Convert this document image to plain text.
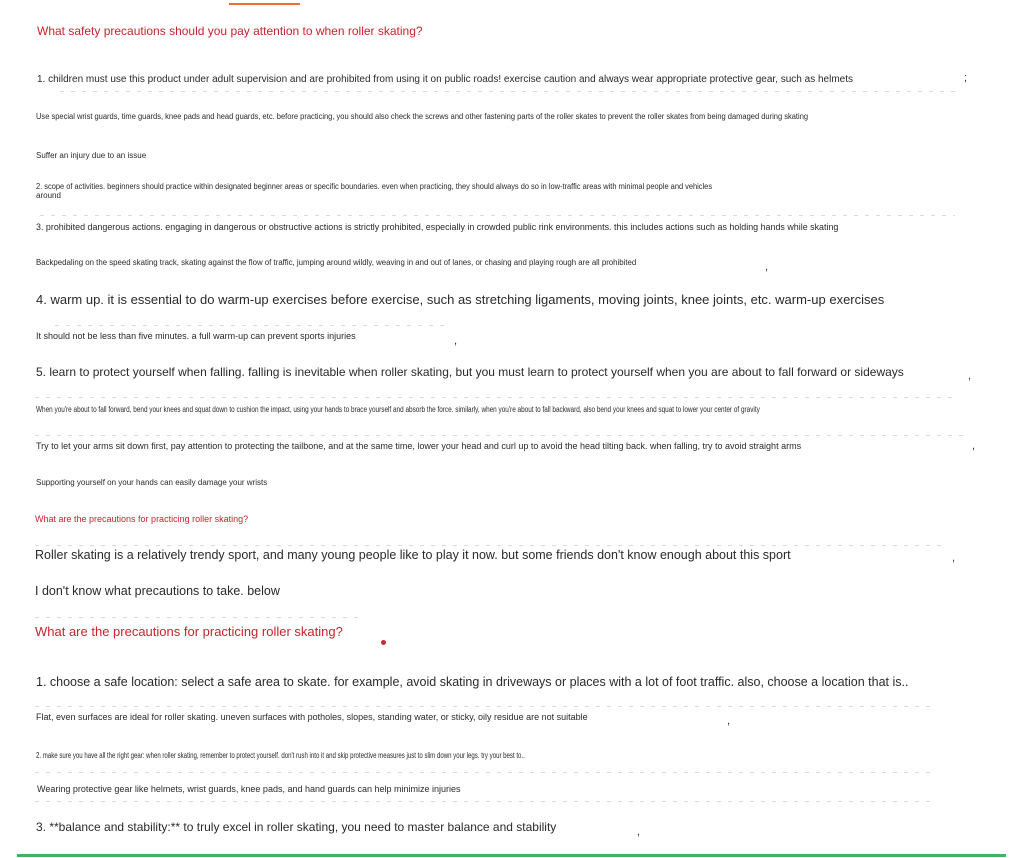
What safety precautions should you pay attention to when roller skating?
1. children must use this product under adult supervision and are prohibited from using it on public roads! exercise caution and always wear appropriate protective gear, such as helmets	;
Use special wrist guards, time guards, knee pads and head guards, etc. before practicing, you should also check the screws and other fastening parts of the roller skates to prevent the roller skates from being damaged during skating
Suffer an injury due to an issue
2. scope of activities. beginners should practice within designated beginner areas or specific boundaries. even when practicing, they should always do so in low-traffic areas with minimal people and vehicles
around
3. prohibited dangerous actions. engaging in dangerous or obstructive actions is strictly prohibited, especially in crowded public rink environments. this includes actions such as holding hands while skating
Backpedaling on the speed skating track, skating against the flow of traffic, jumping around wildly, weaving in and out of lanes, or chasing and playing rough are all prohibited	,
4. warm up. it is essential to do warm-up exercises before exercise, such as stretching ligaments, moving joints, knee joints, etc. warm-up exercises
It should not be less than five minutes. a full warm-up can prevent sports injuries	,
5. learn to protect yourself when falling. falling is inevitable when roller skating, but you must learn to protect yourself when you are about to fall forward or sideways	,
When you're about to fall forward, bend your knees and squat down to cushion the impact, using your hands to brace yourself and absorb the force. similarly, when you're about to fall backward, also bend your knees and squat to lower your center of gravity
Try to let your arms sit down first, pay attention to protecting the tailbone, and at the same time, lower your head and curl up to avoid the head tilting back. when falling, try to avoid straight arms	,
Supporting yourself on your hands can easily damage your wrists
What are the precautions for practicing roller skating?
Roller skating is a relatively trendy sport, and many young people like to play it now. but some friends don't know enough about this sport	,
I don't know what precautions to take. below
What are the precautions for practicing roller skating?
1. choose a safe location: select a safe area to skate. for example, avoid skating in driveways or places with a lot of foot traffic. also, choose a location that is..
Flat, even surfaces are ideal for roller skating. uneven surfaces with potholes, slopes, standing water, or sticky, oily residue are not suitable	,
2. make sure you have all the right gear: when roller skating, remember to protect yourself. don't rush into it and skip protective measures just to slim down your legs. try your best to..
Wearing protective gear like helmets, wrist guards, knee pads, and hand guards can help minimize injuries
3. **balance and stability:** to truly excel in roller skating, you need to master balance and stability	,
